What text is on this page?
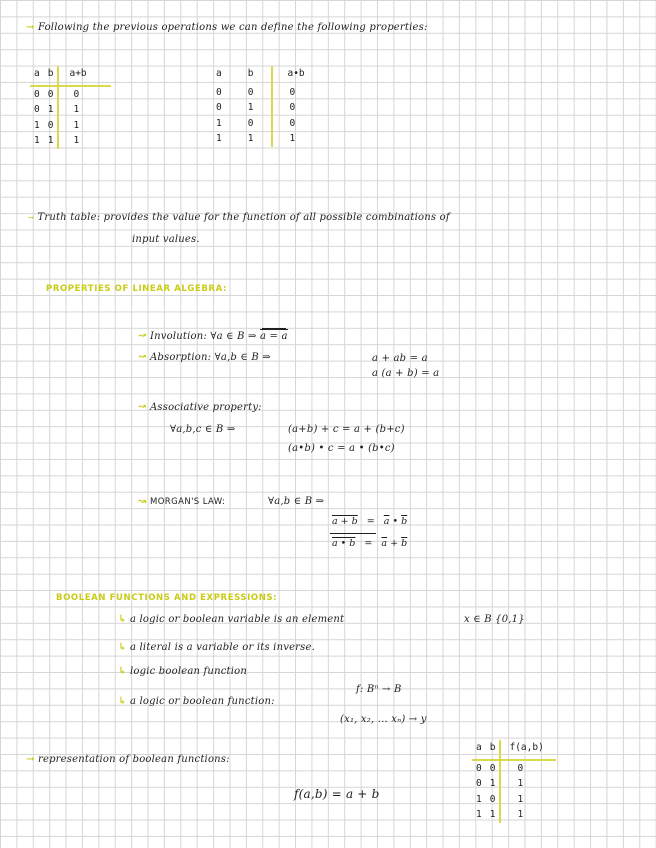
→ Following the previous operations we can define the following properties:
a	b	a+b
0	0	0
0	1	1
1	0	1
1	1	1
a	b	a•b
0	0	0
0	1	0
1	0	0
1	1	1
→ Truth table: provides the value for the function of all possible combinations of
input values.
PROPERTIES OF LINEAR ALGEBRA:
↝ Involution: ∀a ∈ B ⇒ a = a
↝ Absorption: ∀a,b ∈ B ⇒	a + ab = a
a (a + b) = a
↝ Associative property:
∀a,b,c ∈ B ⇒	(a+b) + c = a + (b+c)
(a•b) • c = a • (b•c)
↝ MORGAN'S LAW:	∀a,b ∈ B ⇒
$a + b = \overline{a}$ • $\overline{b}$
a • $b = \overline{a} + \overline{b}$
BOOLEAN FUNCTIONS AND EXPRESSIONS:
↳ a logic or boolean variable is an element	x ∈ B {0,1}
↳ a literal is a variable or its inverse.
↳ logic boolean function
↳ a logic or boolean function:
f: Bⁿ → B
(x₁, x₂, ... xₙ) → y
→ representation of boolean functions:
f(a,b) = a + b
a	b	f(a,b)
0	0	0
0	1	1
1	0	1
1	1	1
